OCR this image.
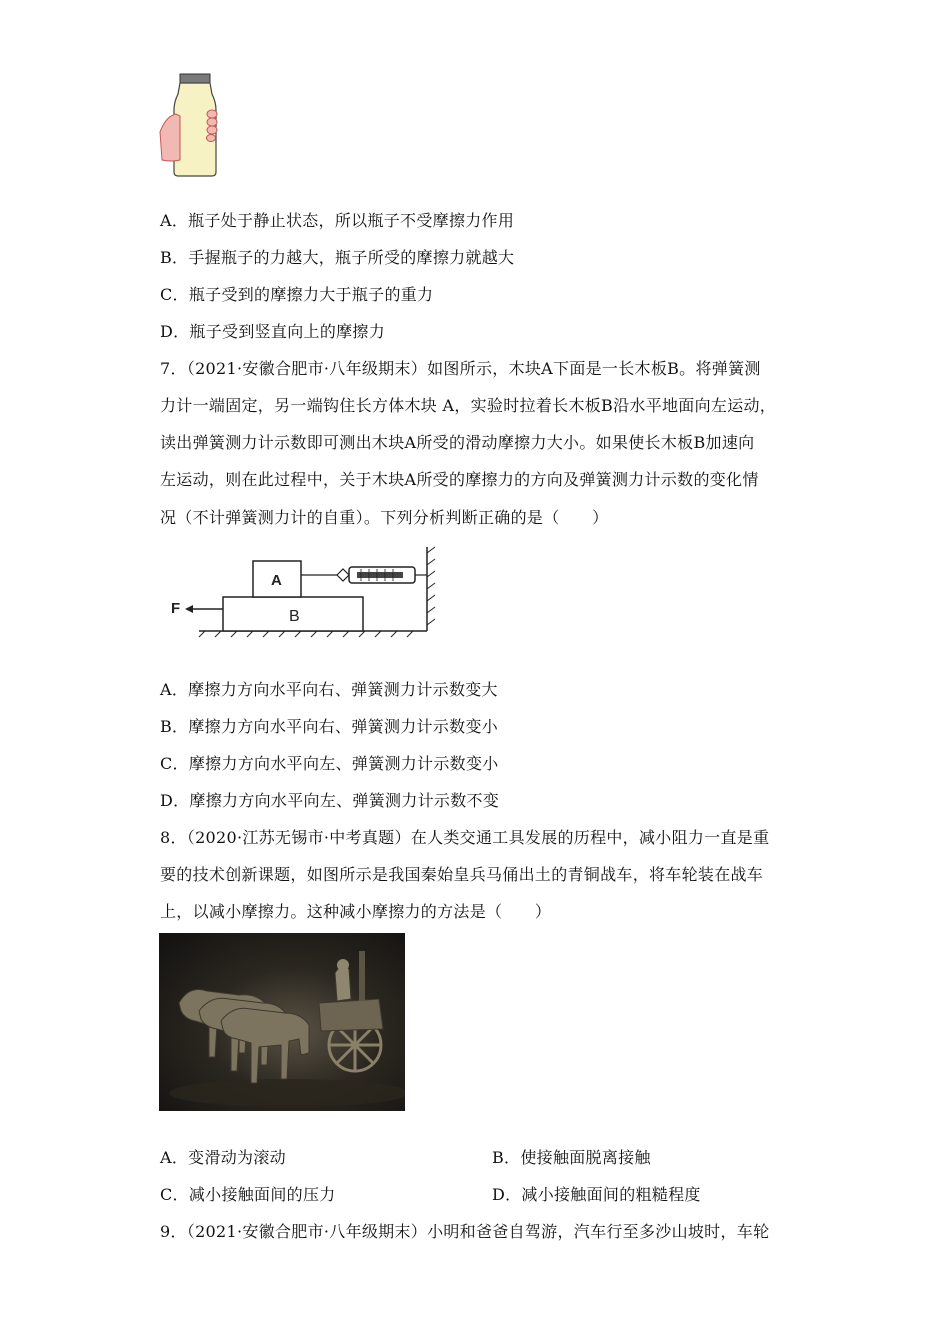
A．瓶子处于静止状态，所以瓶子不受摩擦力作用
B．手握瓶子的力越大，瓶子所受的摩擦力就越大
C．瓶子受到的摩擦力大于瓶子的重力
D．瓶子受到竖直向上的摩擦力
7．（2021·安徽合肥市·八年级期末）如图所示，木块A下面是一长木板B。将弹簧测
力计一端固定，另一端钩住长方体木块 A，实验时拉着长木板B沿水平地面向左运动，
读出弹簧测力计示数即可测出木块A所受的滑动摩擦力大小。如果使长木板B加速向
左运动，则在此过程中，关于木块A所受的摩擦力的方向及弹簧测力计示数的变化情
况（不计弹簧测力计的自重）。下列分析判断正确的是（　　）
B
A
F
A．摩擦力方向水平向右、弹簧测力计示数变大
B．摩擦力方向水平向右、弹簧测力计示数变小
C．摩擦力方向水平向左、弹簧测力计示数变小
D．摩擦力方向水平向左、弹簧测力计示数不变
8．（2020·江苏无锡市·中考真题）在人类交通工具发展的历程中，减小阻力一直是重
要的技术创新课题，如图所示是我国秦始皇兵马俑出土的青铜战车，将车轮装在战车
上，以减小摩擦力。这种减小摩擦力的方法是（　　）
A．变滑动为滚动	B．使接触面脱离接触
C．减小接触面间的压力	D．减小接触面间的粗糙程度
9．（2021·安徽合肥市·八年级期末）小明和爸爸自驾游，汽车行至多沙山坡时，车轮
